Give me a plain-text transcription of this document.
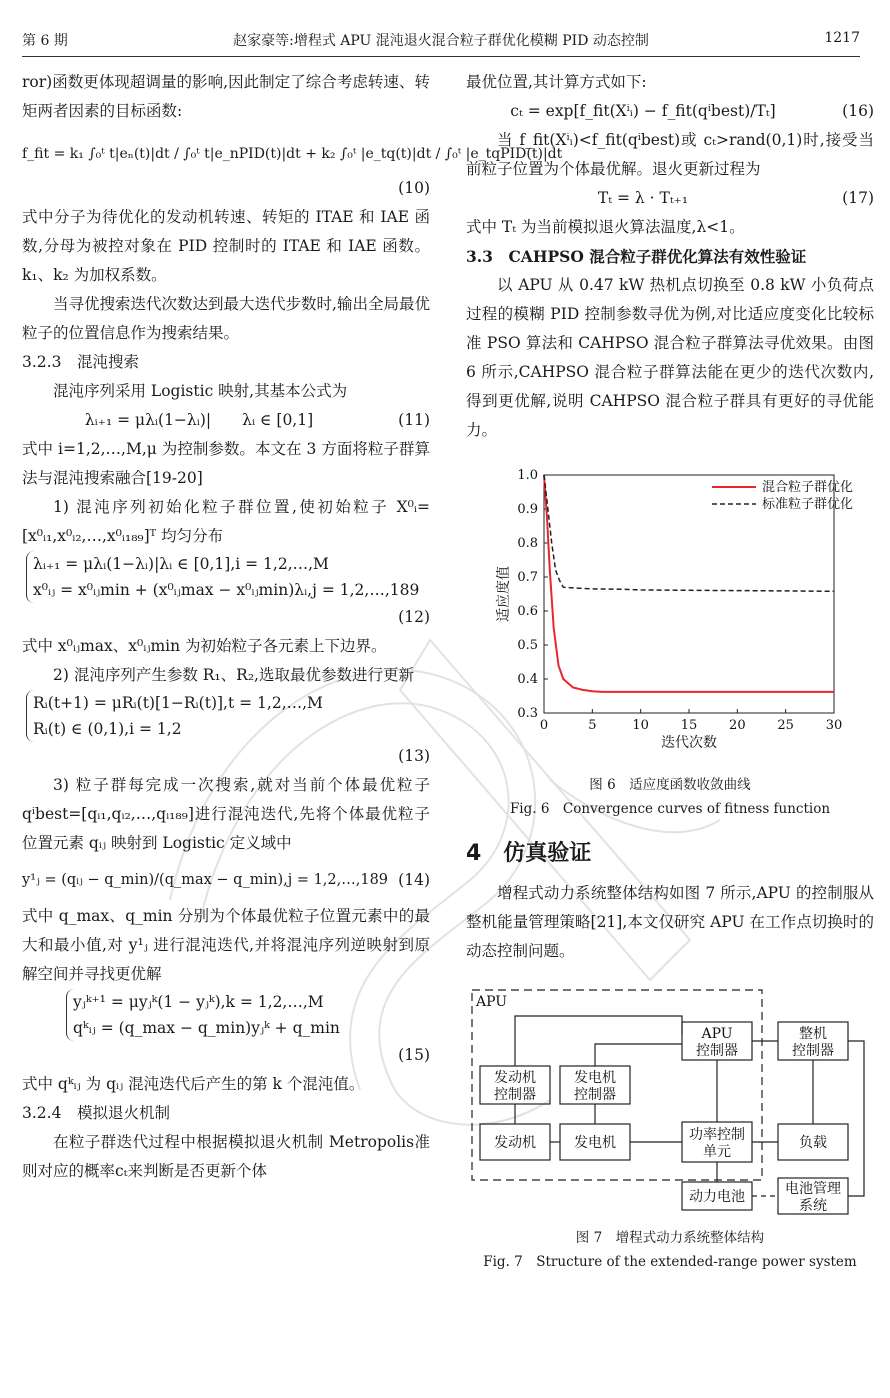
第 6 期	赵家豪等:增程式 APU 混沌退火混合粒子群优化模糊 PID 动态控制	1217

ror)函数更体现超调量的影响,因此制定了综合考虑转速、转矩两者因素的目标函数:

f_fit = k₁ ∫₀ᵗ t|eₙ(t)|dt / ∫₀ᵗ t|e_nPID(t)|dt + k₂ ∫₀ᵗ |e_tq(t)|dt / ∫₀ᵗ |e_tqPID(t)|dt
(10)

式中分子为待优化的发动机转速、转矩的 ITAE 和 IAE 函数,分母为被控对象在 PID 控制时的 ITAE 和 IAE 函数。k₁、k₂ 为加权系数。

当寻优搜索迭代次数达到最大迭代步数时,输出全局最优粒子的位置信息作为搜索结果。

3.2.3　混沌搜索

混沌序列采用 Logistic 映射,其基本公式为

λᵢ₊₁ = μλᵢ(1−λᵢ)|　　λᵢ ∈ [0,1]	(11)

式中 i=1,2,…,M,μ 为控制参数。本文在 3 方面将粒子群算法与混沌搜索融合[19-20]

1) 混沌序列初始化粒子群位置,使初始粒子 X⁰ᵢ=[x⁰ᵢ₁,x⁰ᵢ₂,…,x⁰ᵢ₁₈₉]ᵀ 均匀分布

λᵢ₊₁ = μλᵢ(1−λᵢ)|λᵢ ∈ [0,1],i = 1,2,…,M
x⁰ᵢⱼ = x⁰ᵢⱼmin + (x⁰ᵢⱼmax − x⁰ᵢⱼmin)λᵢ,j = 1,2,…,189
(12)

式中 x⁰ᵢⱼmax、x⁰ᵢⱼmin 为初始粒子各元素上下边界。

2) 混沌序列产生参数 R₁、R₂,选取最优参数进行更新

Rᵢ(t+1) = μRᵢ(t)[1−Rᵢ(t)],t = 1,2,…,M
Rᵢ(t) ∈ (0,1),i = 1,2
(13)

3) 粒子群每完成一次搜索,就对当前个体最优粒子 qⁱbest=[qᵢ₁,qᵢ₂,…,qᵢ₁₈₉]进行混沌迭代,先将个体最优粒子位置元素 qᵢⱼ 映射到 Logistic 定义域中

y¹ⱼ = (qᵢⱼ − q_min)/(q_max − q_min),j = 1,2,…,189 (14)

式中 q_max、q_min 分别为个体最优粒子位置元素中的最大和最小值,对 y¹ⱼ 进行混沌迭代,并将混沌序列逆映射到原解空间并寻找更优解

yⱼᵏ⁺¹ = μyⱼᵏ(1 − yⱼᵏ),k = 1,2,…,M
qᵏᵢⱼ = (q_max − q_min)yⱼᵏ + q_min
(15)

式中 qᵏᵢⱼ 为 qᵢⱼ 混沌迭代后产生的第 k 个混沌值。

3.2.4　模拟退火机制

在粒子群迭代过程中根据模拟退火机制 Metropolis准则对应的概率cₜ来判断是否更新个体

最优位置,其计算方式如下:

cₜ = exp[f_fit(Xⁱᵢ) − f_fit(qⁱbest)/Tₜ]	(16)

当 f_fit(Xⁱᵢ)<f_fit(qⁱbest)或 cₜ>rand(0,1)时,接受当前粒子位置为个体最优解。退火更新过程为

Tₜ = λ · Tₜ₊₁	(17)

式中 Tₜ 为当前模拟退火算法温度,λ<1。

3.3　CAHPSO 混合粒子群优化算法有效性验证

以 APU 从 0.47 kW 热机点切换至 0.8 kW 小负荷点过程的模糊 PID 控制参数寻优为例,对比适应度变化比较标准 PSO 算法和 CAHPSO 混合粒子群算法寻优效果。由图 6 所示,CAHPSO 混合粒子群算法能在更少的迭代次数内,得到更优解,说明 CAHPSO 混合粒子群具有更好的寻优能力。

0	5	10 15 20 25 30
0.3
0.4
0.5
0.6
0.7
0.8
0.9
1.0
迭代次数
适应度值
混合粒子群优化
标准粒子群优化
图 6　适应度函数收敛曲线
Fig. 6　Convergence curves of fitness function

4　仿真验证

增程式动力系统整体结构如图 7 所示,APU 的控制服从整机能量管理策略[21],本文仅研究 APU 在工作点切换时的动态控制问题。

APU
APU
控制器
整机
控制器
发动机
控制器
发电机
控制器
发动机	发电机	功率控制
单元
负载
动力电池	电池管理
系统
图 7　增程式动力系统整体结构
Fig. 7　Structure of the extended-range power system
